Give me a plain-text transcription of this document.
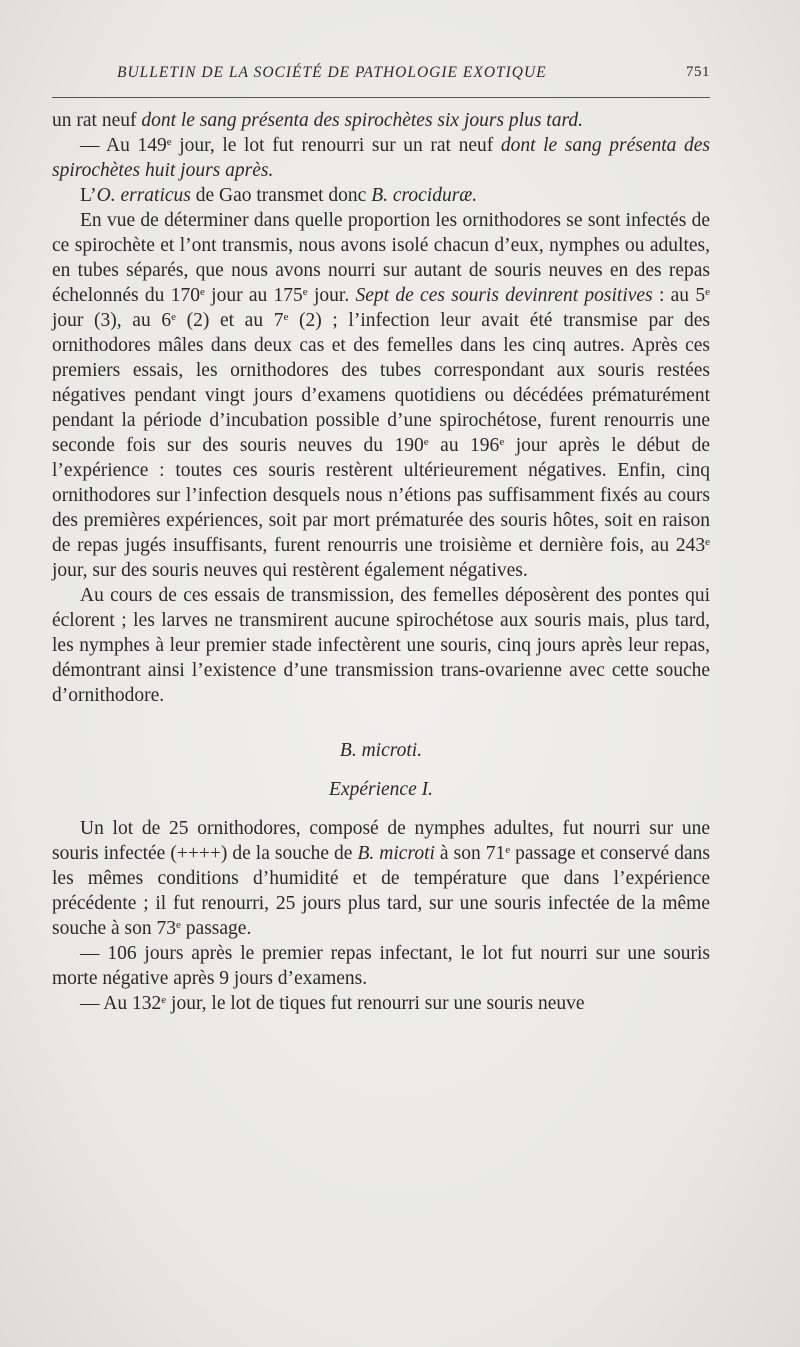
BULLETIN DE LA SOCIÉTÉ DE PATHOLOGIE EXOTIQUE	751

un rat neuf dont le sang présenta des spirochètes six jours plus tard.

— Au 149e jour, le lot fut renourri sur un rat neuf dont le sang présenta des spirochètes huit jours après.

L’O. erraticus de Gao transmet donc B. crociduræ.

En vue de déterminer dans quelle proportion les ornithodores se sont infectés de ce spirochète et l’ont transmis, nous avons isolé chacun d’eux, nymphes ou adultes, en tubes séparés, que nous avons nourri sur autant de souris neuves en des repas échelonnés du 170e jour au 175e jour. Sept de ces souris devinrent positives : au 5e jour (3), au 6e (2) et au 7e (2) ; l’infection leur avait été transmise par des ornithodores mâles dans deux cas et des femelles dans les cinq autres. Après ces premiers essais, les ornithodores des tubes correspondant aux souris restées négatives pendant vingt jours d’examens quotidiens ou décédées prématurément pendant la période d’incubation possible d’une spirochétose, furent renourris une seconde fois sur des souris neuves du 190e au 196e jour après le début de l’expérience : toutes ces souris restèrent ultérieurement négatives. Enfin, cinq ornithodores sur l’infection desquels nous n’étions pas suffisamment fixés au cours des premières expériences, soit par mort prématurée des souris hôtes, soit en raison de repas jugés insuffisants, furent renourris une troisième et dernière fois, au 243e jour, sur des souris neuves qui restèrent également négatives.

Au cours de ces essais de transmission, des femelles déposèrent des pontes qui éclorent ; les larves ne transmirent aucune spirochétose aux souris mais, plus tard, les nymphes à leur premier stade infectèrent une souris, cinq jours après leur repas, démontrant ainsi l’existence d’une transmission trans-ovarienne avec cette souche d’ornithodore.

B. microti.

Expérience I.

Un lot de 25 ornithodores, composé de nymphes adultes, fut nourri sur une souris infectée (++++) de la souche de B. microti à son 71e passage et conservé dans les mêmes conditions d’humidité et de température que dans l’expérience précédente ; il fut renourri, 25 jours plus tard, sur une souris infectée de la même souche à son 73e passage.

— 106 jours après le premier repas infectant, le lot fut nourri sur une souris morte négative après 9 jours d’examens.

— Au 132e jour, le lot de tiques fut renourri sur une souris neuve
